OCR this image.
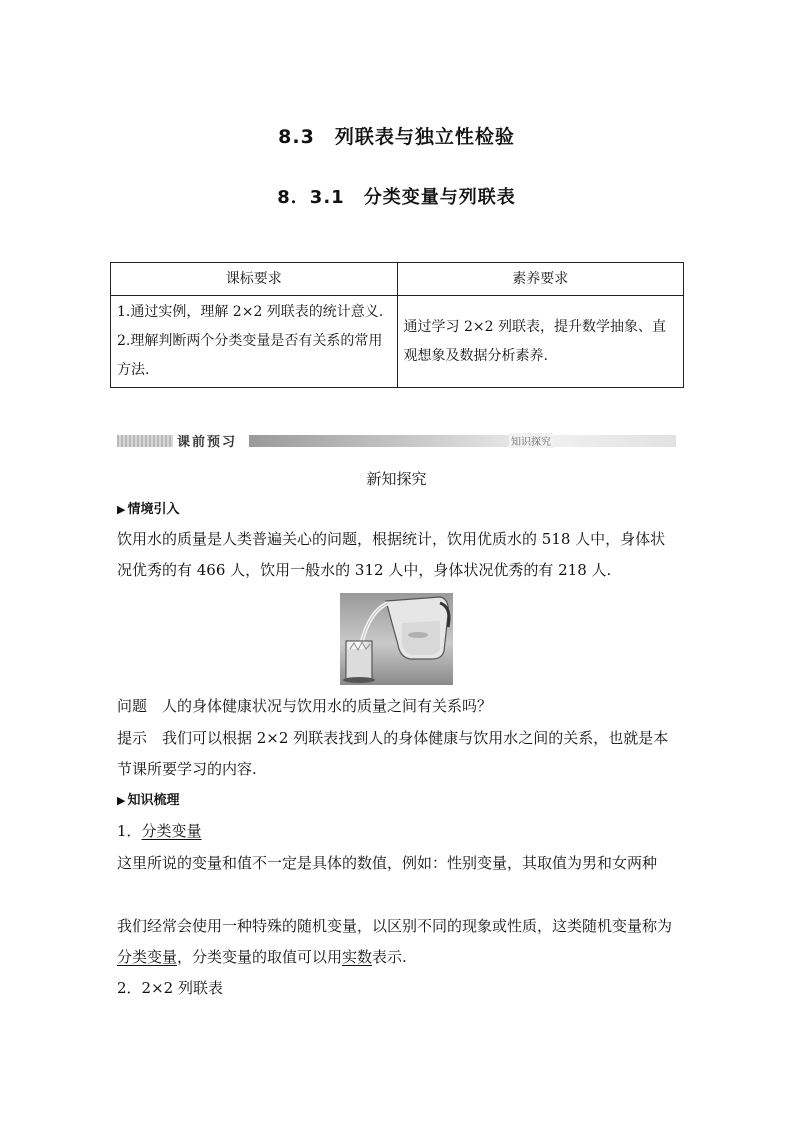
8.3　列联表与独立性检验
8．3.1　分类变量与列联表
课标要求	素养要求

1.通过实例，理解 2×2 列联表的统计意义.

2.理解判断两个分类变量是否有关系的常用方法.	通过学习 2×2 列联表，提升数学抽象、直观想象及数据分析素养.
课前预习	知识探究
新知探究
▶ 情境引入

饮用水的质量是人类普遍关心的问题，根据统计，饮用优质水的 518 人中，身体状况优秀的有 466 人，饮用一般水的 312 人中，身体状况优秀的有 218 人.

问题　人的身体健康状况与饮用水的质量之间有关系吗？

提示　我们可以根据 2×2 列联表找到人的身体健康与饮用水之间的关系，也就是本节课所要学习的内容.

▶ 知识梳理

1．分类变量

这里所说的变量和值不一定是具体的数值，例如：性别变量，其取值为男和女两种

我们经常会使用一种特殊的随机变量，以区别不同的现象或性质，这类随机变量称为分类变量，分类变量的取值可以用实数表示.

2．2×2 列联表
